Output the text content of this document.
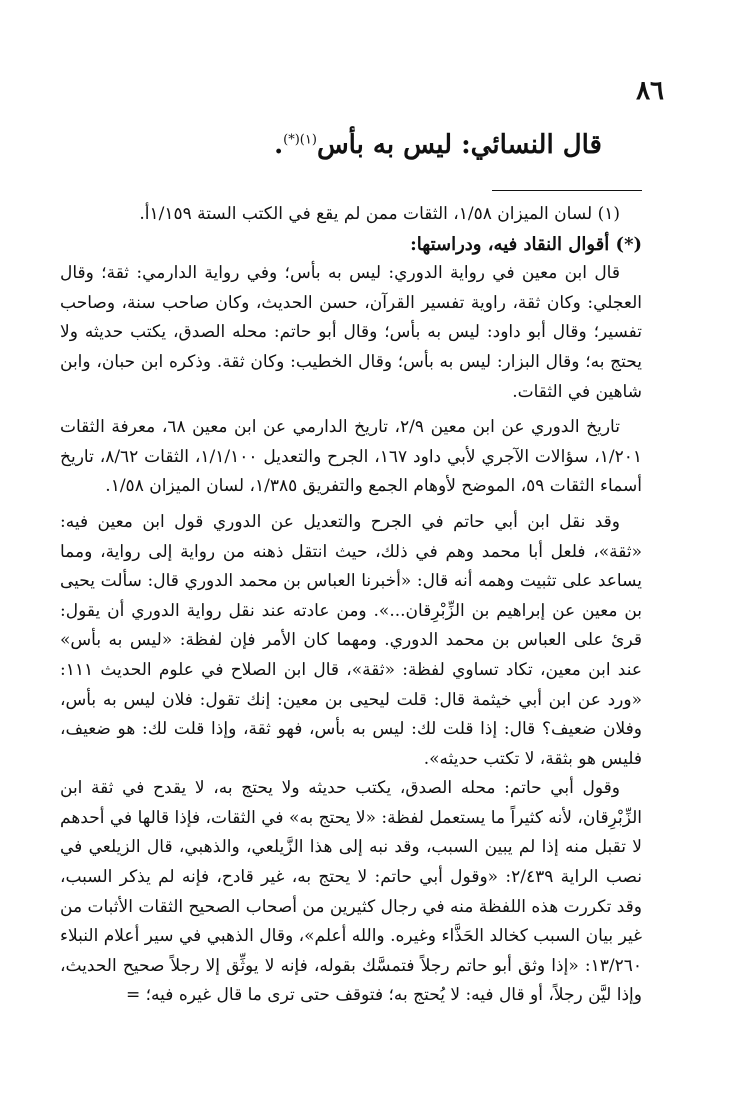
٨٦
قال النسائي: ليس به بأس$^{(١)(*)}$.

(١) لسان الميزان ١/٥٨، الثقات ممن لم يقع في الكتب الستة ١/١٥٩أ.

(*) أقوال النقاد فيه، ودراستها:

قال ابن معين في رواية الدوري: ليس به بأس؛ وفي رواية الدارمي: ثقة؛ وقال العجلي: وكان ثقة، راوية تفسير القرآن، حسن الحديث، وكان صاحب سنة، وصاحب تفسير؛ وقال أبو داود: ليس به بأس؛ وقال أبو حاتم: محله الصدق، يكتب حديثه ولا يحتج به؛ وقال البزار: ليس به بأس؛ وقال الخطيب: وكان ثقة. وذكره ابن حبان، وابن شاهين في الثقات.

تاريخ الدوري عن ابن معين ٢/٩، تاريخ الدارمي عن ابن معين ٦٨، معرفة الثقات ١/٢٠١، سؤالات الآجري لأبي داود ١٦٧، الجرح والتعديل ١/١/١٠٠، الثقات ٨/٦٢، تاريخ أسماء الثقات ٥٩، الموضح لأوهام الجمع والتفريق ١/٣٨٥، لسان الميزان ١/٥٨.

وقد نقل ابن أبي حاتم في الجرح والتعديل عن الدوري قول ابن معين فيه: «ثقة»، فلعل أبا محمد وهم في ذلك، حيث انتقل ذهنه من رواية إلى رواية، ومما يساعد على تثبيت وهمه أنه قال: «أخبرنا العباس بن محمد الدوري قال: سألت يحيى بن معين عن إبراهيم بن الزِّبْرِقان...». ومن عادته عند نقل رواية الدوري أن يقول: قرئ على العباس بن محمد الدوري. ومهما كان الأمر فإن لفظة: «ليس به بأس» عند ابن معين، تكاد تساوي لفظة: «ثقة»، قال ابن الصلاح في علوم الحديث ١١١: «ورد عن ابن أبي خيثمة قال: قلت ليحيى بن معين: إنك تقول: فلان ليس به بأس، وفلان ضعيف؟ قال: إذا قلت لك: ليس به بأس، فهو ثقة، وإذا قلت لك: هو ضعيف، فليس هو بثقة، لا تكتب حديثه».

وقول أبي حاتم: محله الصدق، يكتب حديثه ولا يحتج به، لا يقدح في ثقة ابن الزِّبْرِقان، لأنه كثيراً ما يستعمل لفظة: «لا يحتج به» في الثقات، فإذا قالها في أحدهم لا تقبل منه إذا لم يبين السبب، وقد نبه إلى هذا الزَّيلعي، والذهبي، قال الزيلعي في نصب الراية ٢/٤٣٩: «وقول أبي حاتم: لا يحتج به، غير قادح، فإنه لم يذكر السبب، وقد تكررت هذه اللفظة منه في رجال كثيرين من أصحاب الصحيح الثقات الأثبات من غير بيان السبب كخالد الحَذَّاء وغيره. والله أعلم»، وقال الذهبي في سير أعلام النبلاء ١٣/٢٦٠: «إذا وثق أبو حاتم رجلاً فتمسَّك بقوله، فإنه لا يوثِّق إلا رجلاً صحيح الحديث، وإذا ليَّن رجلاً، أو قال فيه: لا يُحتج به؛ فتوقف حتى ترى ما قال غيره فيه؛ =
